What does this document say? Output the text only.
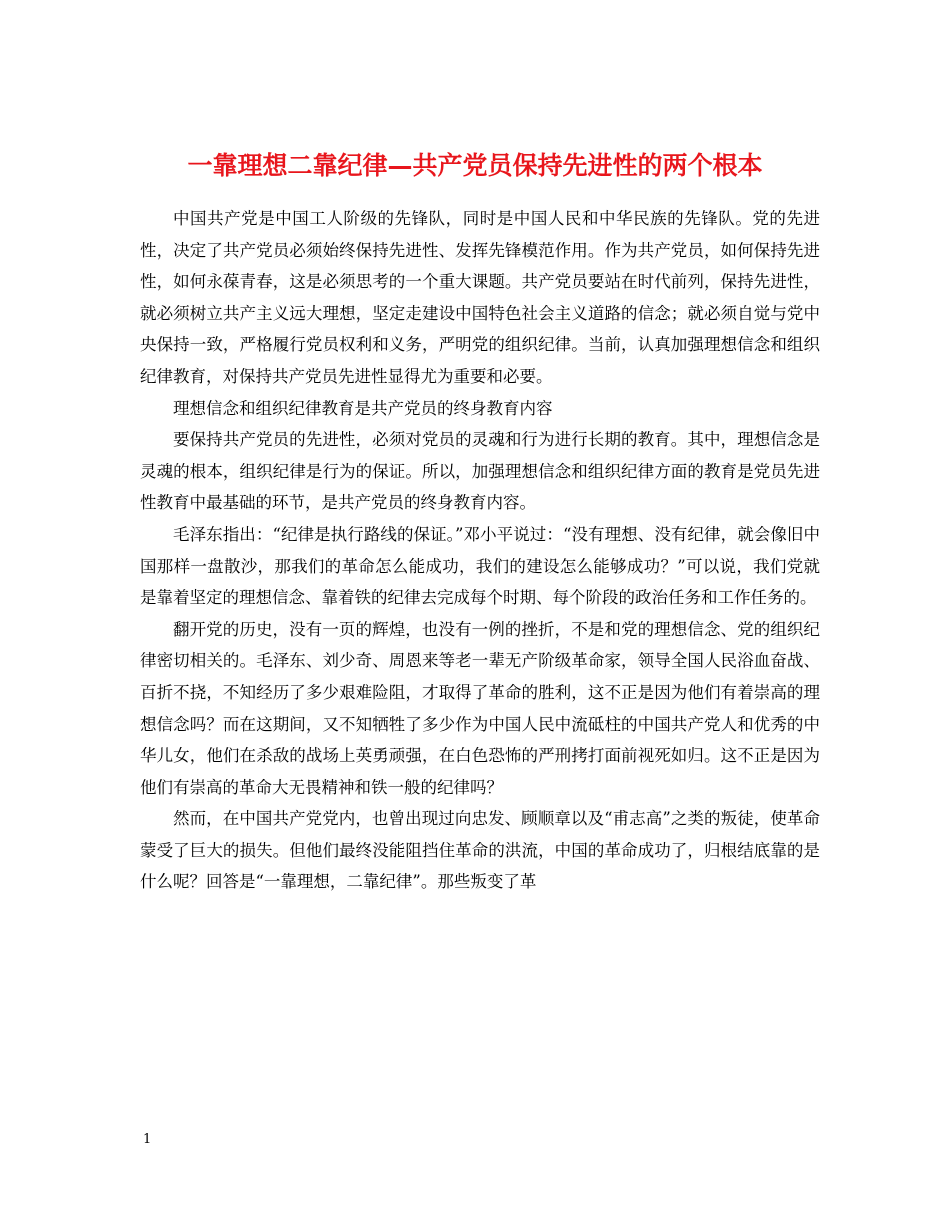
一靠理想二靠纪律—共产党员保持先进性的两个根本

中国共产党是中国工人阶级的先锋队，同时是中国人民和中华民族的先锋队。党的先进性，决定了共产党员必须始终保持先进性、发挥先锋模范作用。作为共产党员，如何保持先进性，如何永葆青春，这是必须思考的一个重大课题。共产党员要站在时代前列，保持先进性，就必须树立共产主义远大理想，坚定走建设中国特色社会主义道路的信念；就必须自觉与党中央保持一致，严格履行党员权利和义务，严明党的组织纪律。当前，认真加强理想信念和组织纪律教育，对保持共产党员先进性显得尤为重要和必要。

理想信念和组织纪律教育是共产党员的终身教育内容

要保持共产党员的先进性，必须对党员的灵魂和行为进行长期的教育。其中，理想信念是灵魂的根本，组织纪律是行为的保证。所以，加强理想信念和组织纪律方面的教育是党员先进性教育中最基础的环节，是共产党员的终身教育内容。

毛泽东指出：“纪律是执行路线的保证。”邓小平说过：“没有理想、没有纪律，就会像旧中国那样一盘散沙，那我们的革命怎么能成功，我们的建设怎么能够成功？”可以说，我们党就是靠着坚定的理想信念、靠着铁的纪律去完成每个时期、每个阶段的政治任务和工作任务的。

翻开党的历史，没有一页的辉煌，也没有一例的挫折，不是和党的理想信念、党的组织纪律密切相关的。毛泽东、刘少奇、周恩来等老一辈无产阶级革命家，领导全国人民浴血奋战、百折不挠，不知经历了多少艰难险阻，才取得了革命的胜利，这不正是因为他们有着崇高的理想信念吗？而在这期间，又不知牺牲了多少作为中国人民中流砥柱的中国共产党人和优秀的中华儿女，他们在杀敌的战场上英勇顽强，在白色恐怖的严刑拷打面前视死如归。这不正是因为他们有崇高的革命大无畏精神和铁一般的纪律吗？

然而，在中国共产党党内，也曾出现过向忠发、顾顺章以及“甫志高”之类的叛徒，使革命蒙受了巨大的损失。但他们最终没能阻挡住革命的洪流，中国的革命成功了，归根结底靠的是什么呢？回答是“一靠理想，二靠纪律”。那些叛变了革

1
